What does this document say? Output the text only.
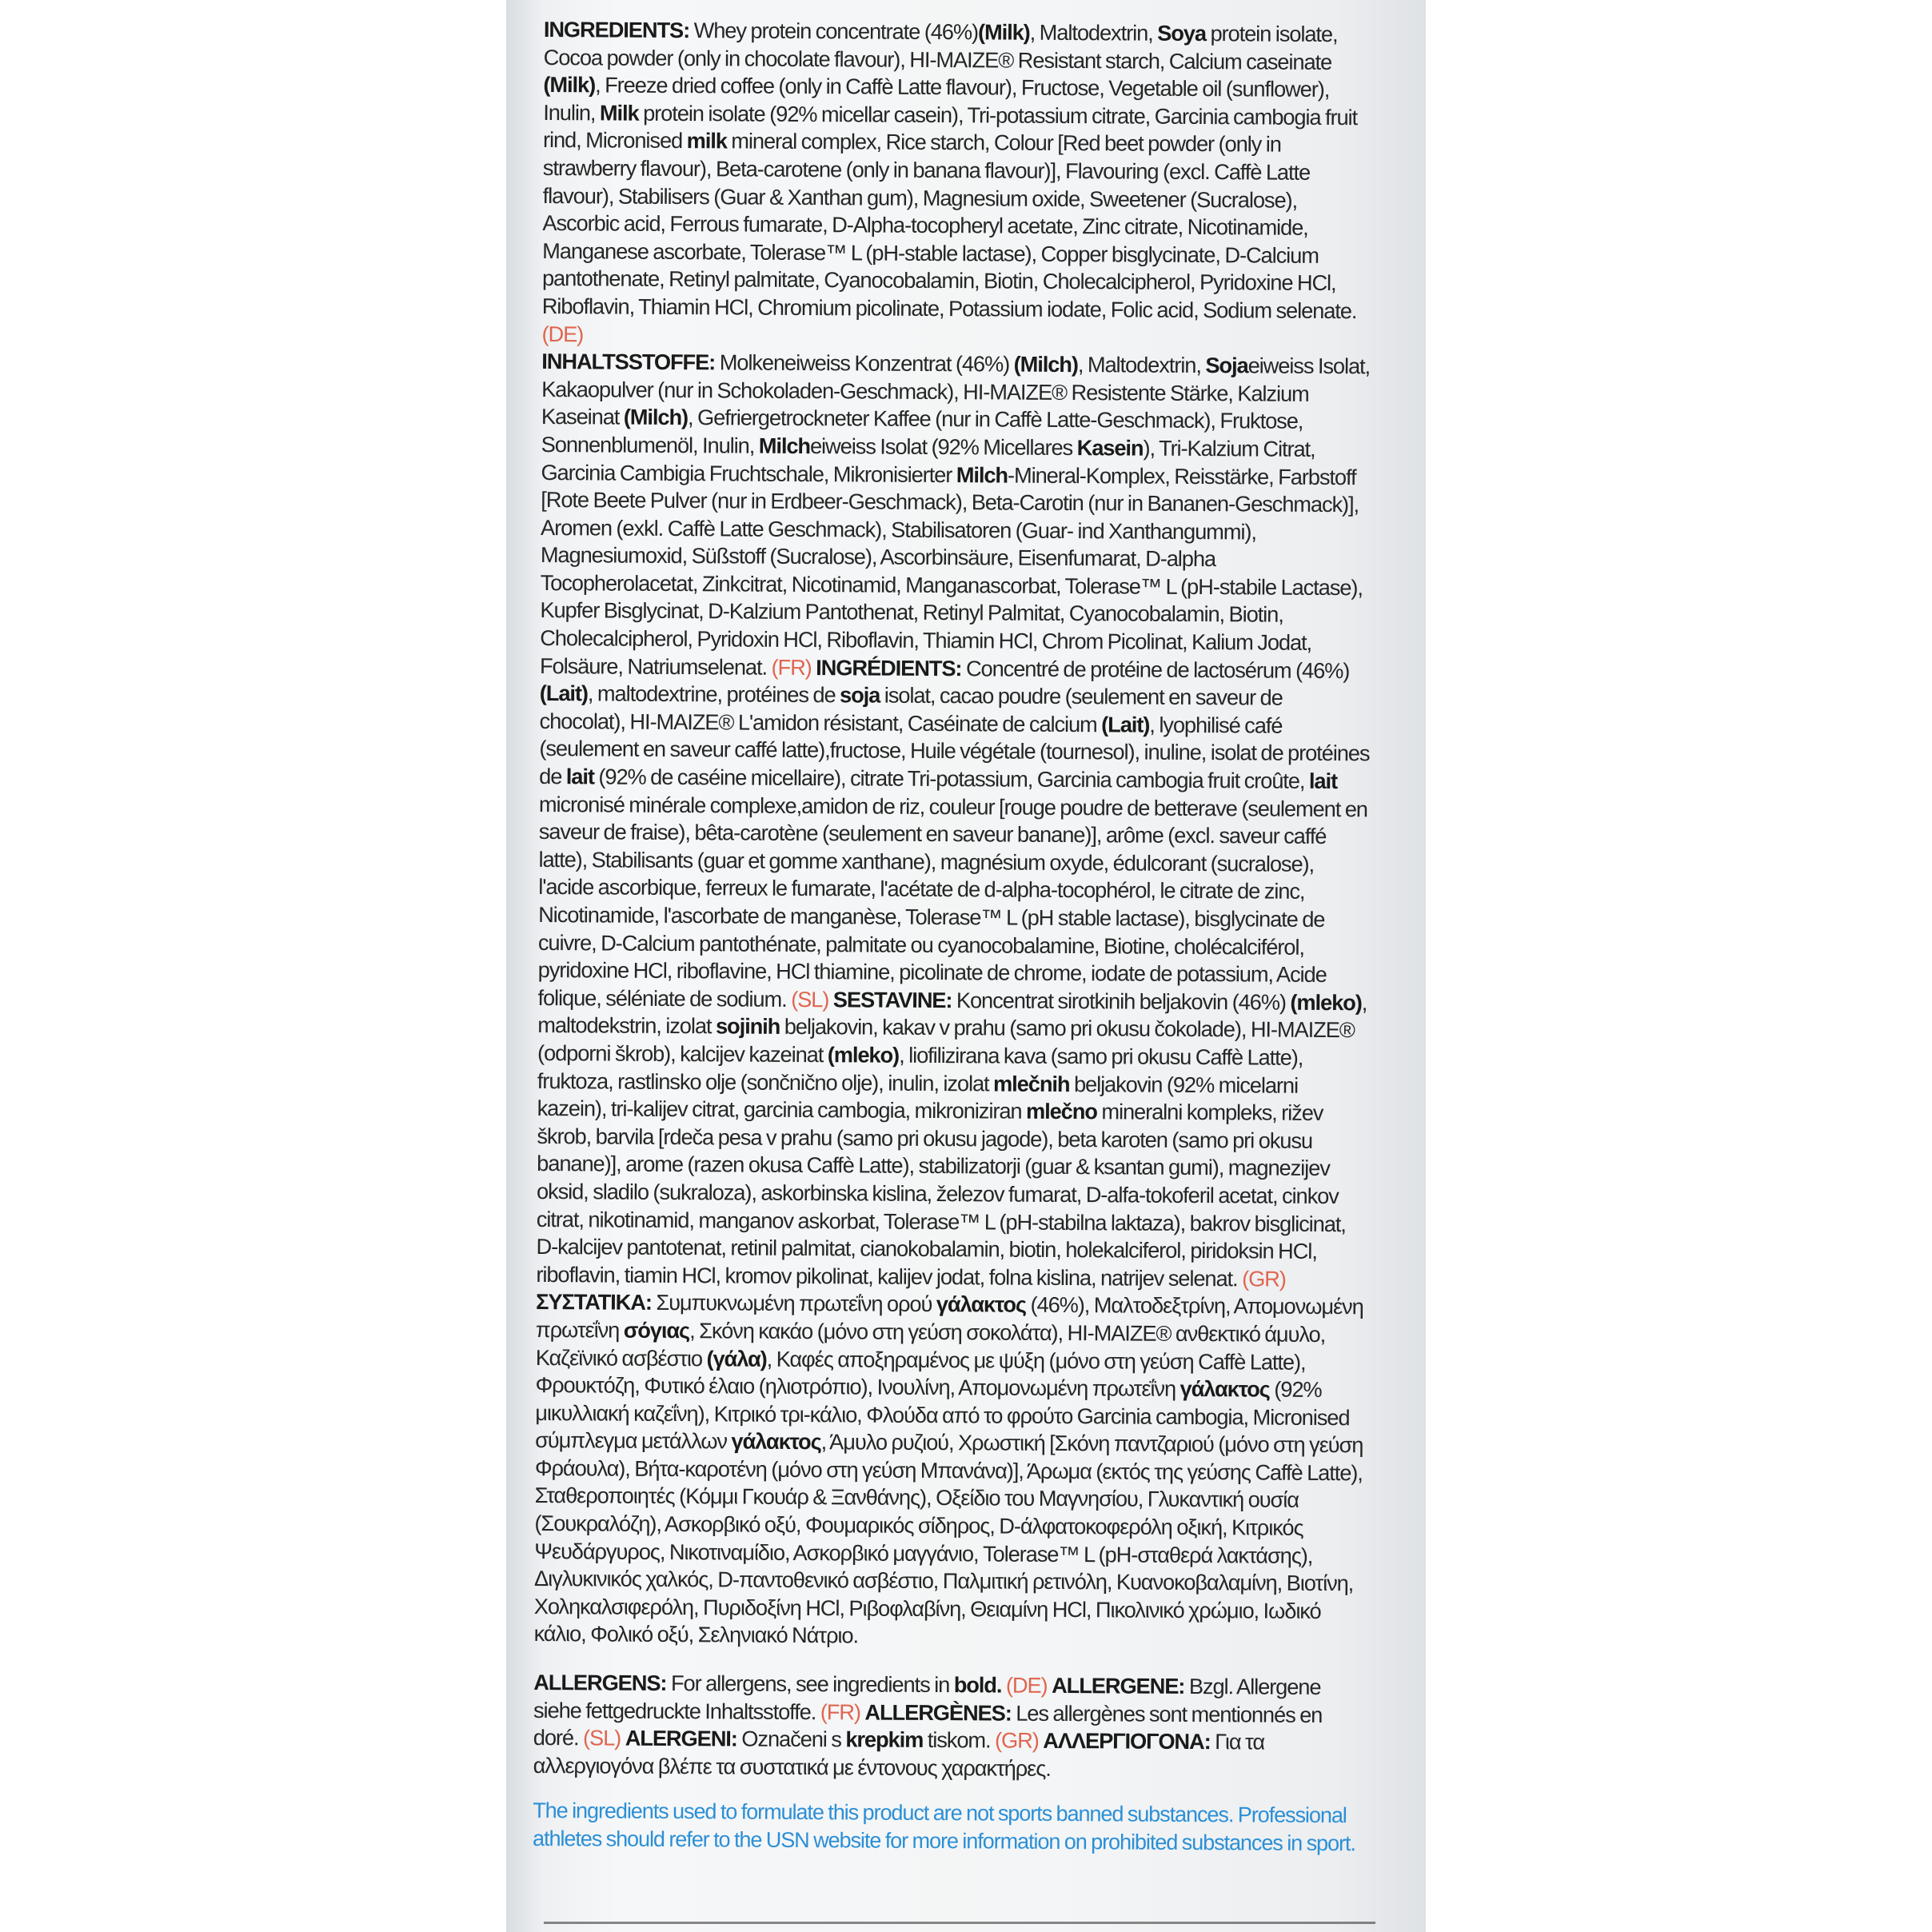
INGREDIENTS: Whey protein concentrate (46%)(Milk), Maltodextrin, Soya protein isolate, Cocoa powder (only in chocolate flavour), HI-MAIZE® Resistant starch, Calcium caseinate (Milk), Freeze dried coffee (only in Caffè Latte flavour), Fructose, Vegetable oil (sunflower), Inulin, Milk protein isolate (92% micellar casein), Tri-potassium citrate, Garcinia cambogia fruit rind, Micronised milk mineral complex, Rice starch, Colour [Red beet powder (only in strawberry flavour), Beta-carotene (only in banana flavour)], Flavouring (excl. Caffè Latte flavour), Stabilisers (Guar & Xanthan gum), Magnesium oxide, Sweetener (Sucralose), Ascorbic acid, Ferrous fumarate, D-Alpha-tocopheryl acetate, Zinc citrate, Nicotinamide, Manganese ascorbate, Tolerase™ L (pH-stable lactase), Copper bisglycinate, D-Calcium pantothenate, Retinyl palmitate, Cyanocobalamin, Biotin, Cholecalcipherol, Pyridoxine HCl, Riboflavin, Thiamin HCl, Chromium picolinate, Potassium iodate, Folic acid, Sodium selenate. (DE)

INHALTSSTOFFE: Molkeneiweiss Konzentrat (46%) (Milch), Maltodextrin, Sojaeiweiss Isolat, Kakaopulver (nur in Schokoladen-Geschmack), HI-MAIZE® Resistente Stärke, Kalzium Kaseinat (Milch), Gefriergetrockneter Kaffee (nur in Caffè Latte-Geschmack), Fruktose, Sonnenblumenöl, Inulin, Milcheiweiss Isolat (92% Micellares Kasein), Tri-Kalzium Citrat, Garcinia Cambigia Fruchtschale, Mikronisierter Milch-Mineral-Komplex, Reisstärke, Farbstoff [Rote Beete Pulver (nur in Erdbeer-Geschmack), Beta-Carotin (nur in Bananen-Geschmack)], Aromen (exkl. Caffè Latte Geschmack), Stabilisatoren (Guar- ind Xanthangummi), Magnesiumoxid, Süßstoff (Sucralose), Ascorbinsäure, Eisenfumarat, D-alpha Tocopherolacetat, Zinkcitrat, Nicotinamid, Manganascorbat, Tolerase™ L (pH-stabile Lactase), Kupfer Bisglycinat, D-Kalzium Pantothenat, Retinyl Palmitat, Cyanocobalamin, Biotin, Cholecalcipherol, Pyridoxin HCl, Riboflavin, Thiamin HCl, Chrom Picolinat, Kalium Jodat, Folsäure, Natriumselenat. (FR) INGRÉDIENTS: Concentré de protéine de lactosérum (46%) (Lait), maltodextrine, protéines de soja isolat, cacao poudre (seulement en saveur de chocolat), HI-MAIZE® L'amidon résistant, Caséinate de calcium (Lait), lyophilisé café (seulement en saveur caffé latte),fructose, Huile végétale (tournesol), inuline, isolat de protéines de lait (92% de caséine micellaire), citrate Tri-potassium, Garcinia cambogia fruit croûte, lait micronisé minérale complexe,amidon de riz, couleur [rouge poudre de betterave (seulement en saveur de fraise), bêta-carotène (seulement en saveur banane)], arôme (excl. saveur caffé latte), Stabilisants (guar et gomme xanthane), magnésium oxyde, édulcorant (sucralose), l'acide ascorbique, ferreux le fumarate, l'acétate de d-alpha-tocophérol, le citrate de zinc, Nicotinamide, l'ascorbate de manganèse, Tolerase™ L (pH stable lactase), bisglycinate de cuivre, D-Calcium pantothénate, palmitate ou cyanocobalamine, Biotine, cholécalciférol, pyridoxine HCl, riboflavine, HCl thiamine, picolinate de chrome, iodate de potassium, Acide folique, séléniate de sodium. (SL) SESTAVINE: Koncentrat sirotkinih beljakovin (46%) (mleko), maltodekstrin, izolat sojinih beljakovin, kakav v prahu (samo pri okusu čokolade), HI-MAIZE® (odporni škrob), kalcijev kazeinat (mleko), liofilizirana kava (samo pri okusu Caffè Latte), fruktoza, rastlinsko olje (sončnično olje), inulin, izolat mlečnih beljakovin (92% micelarni kazein), tri-kalijev citrat, garcinia cambogia, mikroniziran mlečno mineralni kompleks, rižev škrob, barvila [rdeča pesa v prahu (samo pri okusu jagode), beta karoten (samo pri okusu banane)], arome (razen okusa Caffè Latte), stabilizatorji (guar & ksantan gumi), magnezijev oksid, sladilo (sukraloza), askorbinska kislina, železov fumarat, D-alfa-tokoferil acetat, cinkov citrat, nikotinamid, manganov askorbat, Tolerase™ L (pH-stabilna laktaza), bakrov bisglicinat, D-kalcijev pantotenat, retinil palmitat, cianokobalamin, biotin, holekalciferol, piridoksin HCl, riboflavin, tiamin HCl, kromov pikolinat, kalijev jodat, folna kislina, natrijev selenat. (GR) ΣΥΣΤΑΤΙΚΑ: Συμπυκνωμένη πρωτεΐνη ορού γάλακτος (46%), Μαλτοδεξτρίνη, Απομονωμένη πρωτεΐνη σόγιας, Σκόνη κακάο (μόνο στη γεύση σοκολάτα), HI-MAIZE® ανθεκτικό άμυλο, Καζεϊνικό ασβέστιο (γάλα), Καφές αποξηραμένος με ψύξη (μόνο στη γεύση Caffè Latte), Φρουκτόζη, Φυτικό έλαιο (ηλιοτρόπιο), Ινουλίνη, Απομονωμένη πρωτεΐνη γάλακτος (92% μικυλλιακή καζεΐνη), Κιτρικό τρι-κάλιο, Φλούδα από το φρούτο Garcinia cambogia, Micronised σύμπλεγμα μετάλλων γάλακτος, Άμυλο ρυζιού, Χρωστική [Σκόνη παντζαριού (μόνο στη γεύση Φράουλα), Βήτα-καροτένη (μόνο στη γεύση Μπανάνα)], Άρωμα (εκτός της γεύσης Caffè Latte), Σταθεροποιητές (Κόμμι Γκουάρ & Ξανθάνης), Οξείδιο του Μαγνησίου, Γλυκαντική ουσία (Σουκραλόζη), Ασκορβικό οξύ, Φουμαρικός σίδηρος, D-άλφατοκοφερόλη οξική, Κιτρικός Ψευδάργυρος, Νικοτιναμίδιο, Ασκορβικό μαγγάνιο, Tolerase™ L (pH-σταθερά λακτάσης), Διγλυκινικός χαλκός, D-παντοθενικό ασβέστιο, Παλμιτική ρετινόλη, Κυανοκοβαλαμίνη, Βιοτίνη, Χοληκαλσιφερόλη, Πυριδοξίνη HCl, Ριβοφλαβίνη, Θειαμίνη HCl, Πικολινικό χρώμιο, Ιωδικό κάλιο, Φολικό οξύ, Σεληνιακό Νάτριο.

ALLERGENS: For allergens, see ingredients in bold. (DE) ALLERGENE: Bzgl. Allergene siehe fettgedruckte Inhaltsstoffe. (FR) ALLERGÈNES: Les allergènes sont mentionnés en doré. (SL) ALERGENI: Označeni s krepkim tiskom. (GR) ΑΛΛΕΡΓΙΟΓΟΝΑ: Για τα αλλεργιογόνα βλέπε τα συστατικά με έντονους χαρακτήρες.

The ingredients used to formulate this product are not sports banned substances. Professional athletes should refer to the USN website for more information on prohibited substances in sport.
